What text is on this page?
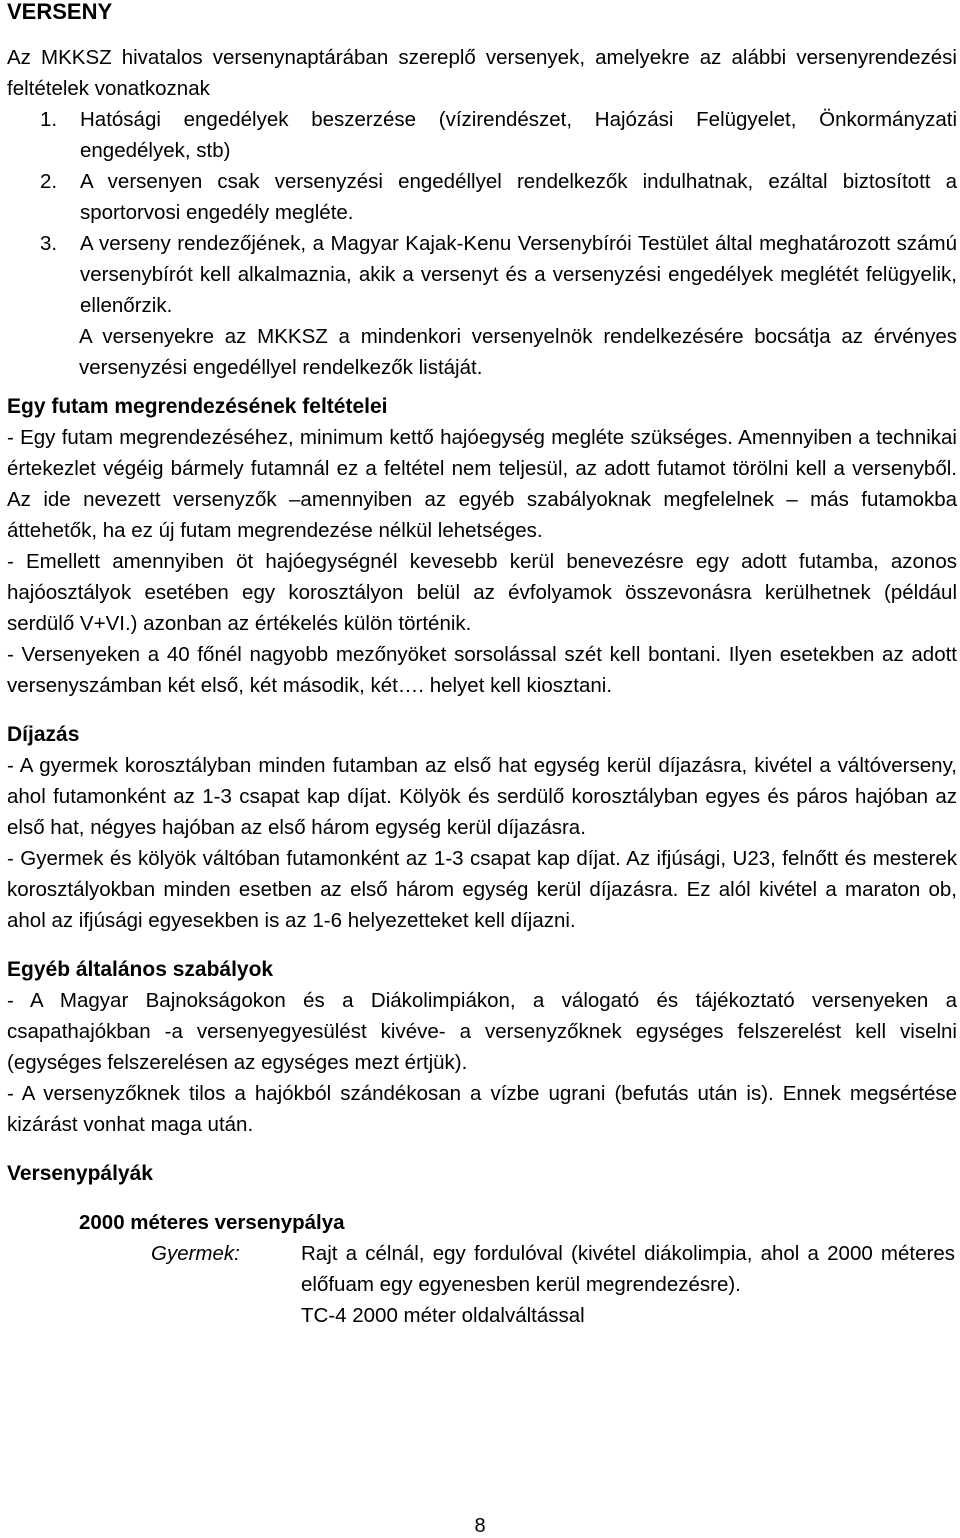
VERSENY

Az MKKSZ hivatalos versenynaptárában szereplő versenyek, amelyekre az alábbi versenyrendezési feltételek vonatkoznak

1. Hatósági engedélyek beszerzése (vízirendészet, Hajózási Felügyelet, Önkormányzati engedélyek, stb)
2. A versenyen csak versenyzési engedéllyel rendelkezők indulhatnak, ezáltal biztosított a sportorvosi engedély megléte.
3. A verseny rendezőjének, a Magyar Kajak-Kenu Versenybírói Testület által meghatározott számú versenybírót kell alkalmaznia, akik a versenyt és a versenyzési engedélyek meglétét felügyelik, ellenőrzik.

A versenyekre az MKKSZ a mindenkori versenyelnök rendelkezésére bocsátja az érvényes versenyzési engedéllyel rendelkezők listáját.

Egy futam megrendezésének feltételei

- Egy futam megrendezéséhez, minimum kettő hajóegység megléte szükséges. Amennyiben a technikai értekezlet végéig bármely futamnál ez a feltétel nem teljesül, az adott futamot törölni kell a versenyből. Az ide nevezett versenyzők –amennyiben az egyéb szabályoknak megfelelnek – más futamokba áttehetők, ha ez új futam megrendezése nélkül lehetséges.

- Emellett amennyiben öt hajóegységnél kevesebb kerül benevezésre egy adott futamba, azonos hajóosztályok esetében egy korosztályon belül az évfolyamok összevonásra kerülhetnek (például serdülő V+VI.) azonban az értékelés külön történik.

- Versenyeken a 40 főnél nagyobb mezőnyöket sorsolással szét kell bontani. Ilyen esetekben az adott versenyszámban két első, két második, két…. helyet kell kiosztani.

Díjazás

- A gyermek korosztályban minden futamban az első hat egység kerül díjazásra, kivétel a váltóverseny, ahol futamonként az 1-3 csapat kap díjat. Kölyök és serdülő korosztályban egyes és páros hajóban az első hat, négyes hajóban az első három egység kerül díjazásra.

- Gyermek és kölyök váltóban futamonként az 1-3 csapat kap díjat. Az ifjúsági, U23, felnőtt és mesterek korosztályokban minden esetben az első három egység kerül díjazásra. Ez alól kivétel a maraton ob, ahol az ifjúsági egyesekben is az 1-6 helyezetteket kell díjazni.

Egyéb általános szabályok

- A Magyar Bajnokságokon és a Diákolimpiákon, a válogató és tájékoztató versenyeken a csapathajókban -a versenyegyesülést kivéve- a versenyzőknek egységes felszerelést kell viselni (egységes felszerelésen az egységes mezt értjük).

- A versenyzőknek tilos a hajókból szándékosan a vízbe ugrani (befutás után is). Ennek megsértése kizárást vonhat maga után.

Versenypályák
2000 méteres versenypálya
Gyermek:	Rajt a célnál, egy fordulóval (kivétel diákolimpia, ahol a 2000 méteres előfuam egy egyenesben kerül megrendezésre).
TC-4 2000 méter oldalváltással
8
